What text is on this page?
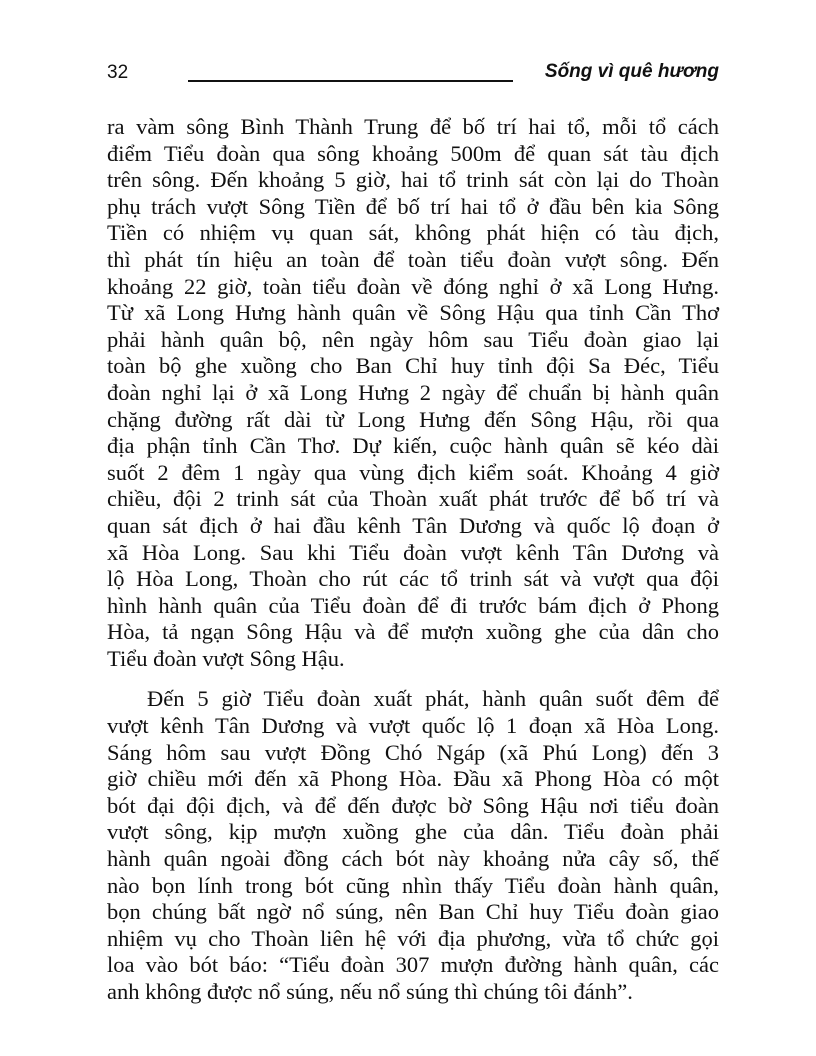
32	Sống vì quê hương
ra vàm sông Bình Thành Trung để bố trí hai tổ, mỗi tổ cách
điểm Tiểu đoàn qua sông khoảng 500m để quan sát tàu địch
trên sông. Đến khoảng 5 giờ, hai tổ trinh sát còn lại do Thoàn
phụ trách vượt Sông Tiền để bố trí hai tổ ở đầu bên kia Sông
Tiền có nhiệm vụ quan sát, không phát hiện có tàu địch,
thì phát tín hiệu an toàn để toàn tiểu đoàn vượt sông. Đến
khoảng 22 giờ, toàn tiểu đoàn về đóng nghỉ ở xã Long Hưng.
Từ xã Long Hưng hành quân về Sông Hậu qua tỉnh Cần Thơ
phải hành quân bộ, nên ngày hôm sau Tiểu đoàn giao lại
toàn bộ ghe xuồng cho Ban Chỉ huy tỉnh đội Sa Đéc, Tiểu
đoàn nghỉ lại ở xã Long Hưng 2 ngày để chuẩn bị hành quân
chặng đường rất dài từ Long Hưng đến Sông Hậu, rồi qua
địa phận tỉnh Cần Thơ. Dự kiến, cuộc hành quân sẽ kéo dài
suốt 2 đêm 1 ngày qua vùng địch kiểm soát. Khoảng 4 giờ
chiều, đội 2 trinh sát của Thoàn xuất phát trước để bố trí và
quan sát địch ở hai đầu kênh Tân Dương và quốc lộ đoạn ở
xã Hòa Long. Sau khi Tiểu đoàn vượt kênh Tân Dương và
lộ Hòa Long, Thoàn cho rút các tổ trinh sát và vượt qua đội
hình hành quân của Tiểu đoàn để đi trước bám địch ở Phong
Hòa, tả ngạn Sông Hậu và để mượn xuồng ghe của dân cho
Tiểu đoàn vượt Sông Hậu.
Đến 5 giờ Tiểu đoàn xuất phát, hành quân suốt đêm để
vượt kênh Tân Dương và vượt quốc lộ 1 đoạn xã Hòa Long.
Sáng hôm sau vượt Đồng Chó Ngáp (xã Phú Long) đến 3
giờ chiều mới đến xã Phong Hòa. Đầu xã Phong Hòa có một
bót đại đội địch, và để đến được bờ Sông Hậu nơi tiểu đoàn
vượt sông, kịp mượn xuồng ghe của dân. Tiểu đoàn phải
hành quân ngoài đồng cách bót này khoảng nửa cây số, thế
nào bọn lính trong bót cũng nhìn thấy Tiểu đoàn hành quân,
bọn chúng bất ngờ nổ súng, nên Ban Chỉ huy Tiểu đoàn giao
nhiệm vụ cho Thoàn liên hệ với địa phương, vừa tổ chức gọi
loa vào bót báo: “Tiểu đoàn 307 mượn đường hành quân, các
anh không được nổ súng, nếu nổ súng thì chúng tôi đánh”.
